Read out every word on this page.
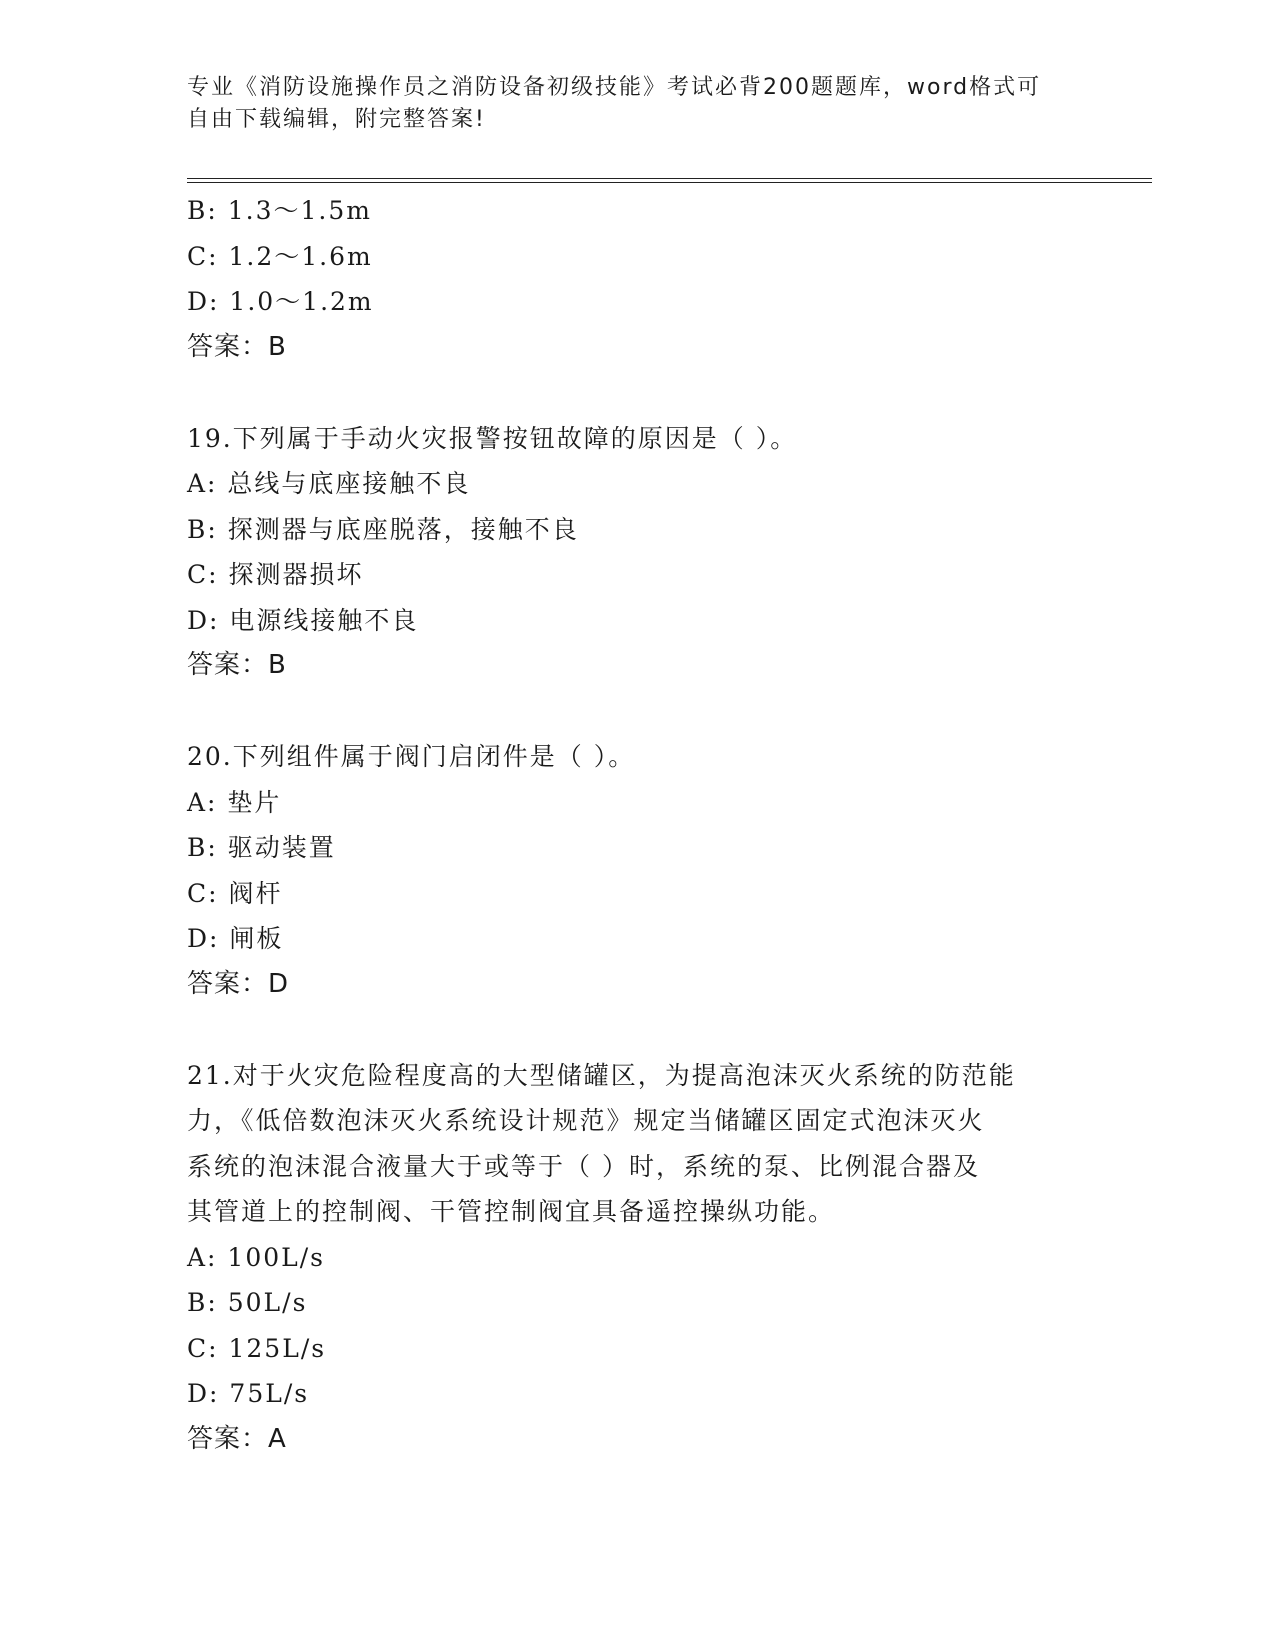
专业《消防设施操作员之消防设备初级技能》考试必背200题题库，word格式可
自由下载编辑，附完整答案!
B: 1.3～1.5m
C: 1.2～1.6m
D: 1.0～1.2m
答案：B
19.下列属于手动火灾报警按钮故障的原因是（ ）。
A: 总线与底座接触不良
B: 探测器与底座脱落，接触不良
C: 探测器损坏
D: 电源线接触不良
答案：B
20.下列组件属于阀门启闭件是（ ）。
A: 垫片
B: 驱动装置
C: 阀杆
D: 闸板
答案：D
21.对于火灾危险程度高的大型储罐区，为提高泡沫灭火系统的防范能
力，《低倍数泡沫灭火系统设计规范》规定当储罐区固定式泡沫灭火
系统的泡沫混合液量大于或等于（ ）时，系统的泵、比例混合器及
其管道上的控制阀、干管控制阀宜具备遥控操纵功能。
A: 100L/s
B: 50L/s
C: 125L/s
D: 75L/s
答案：A
